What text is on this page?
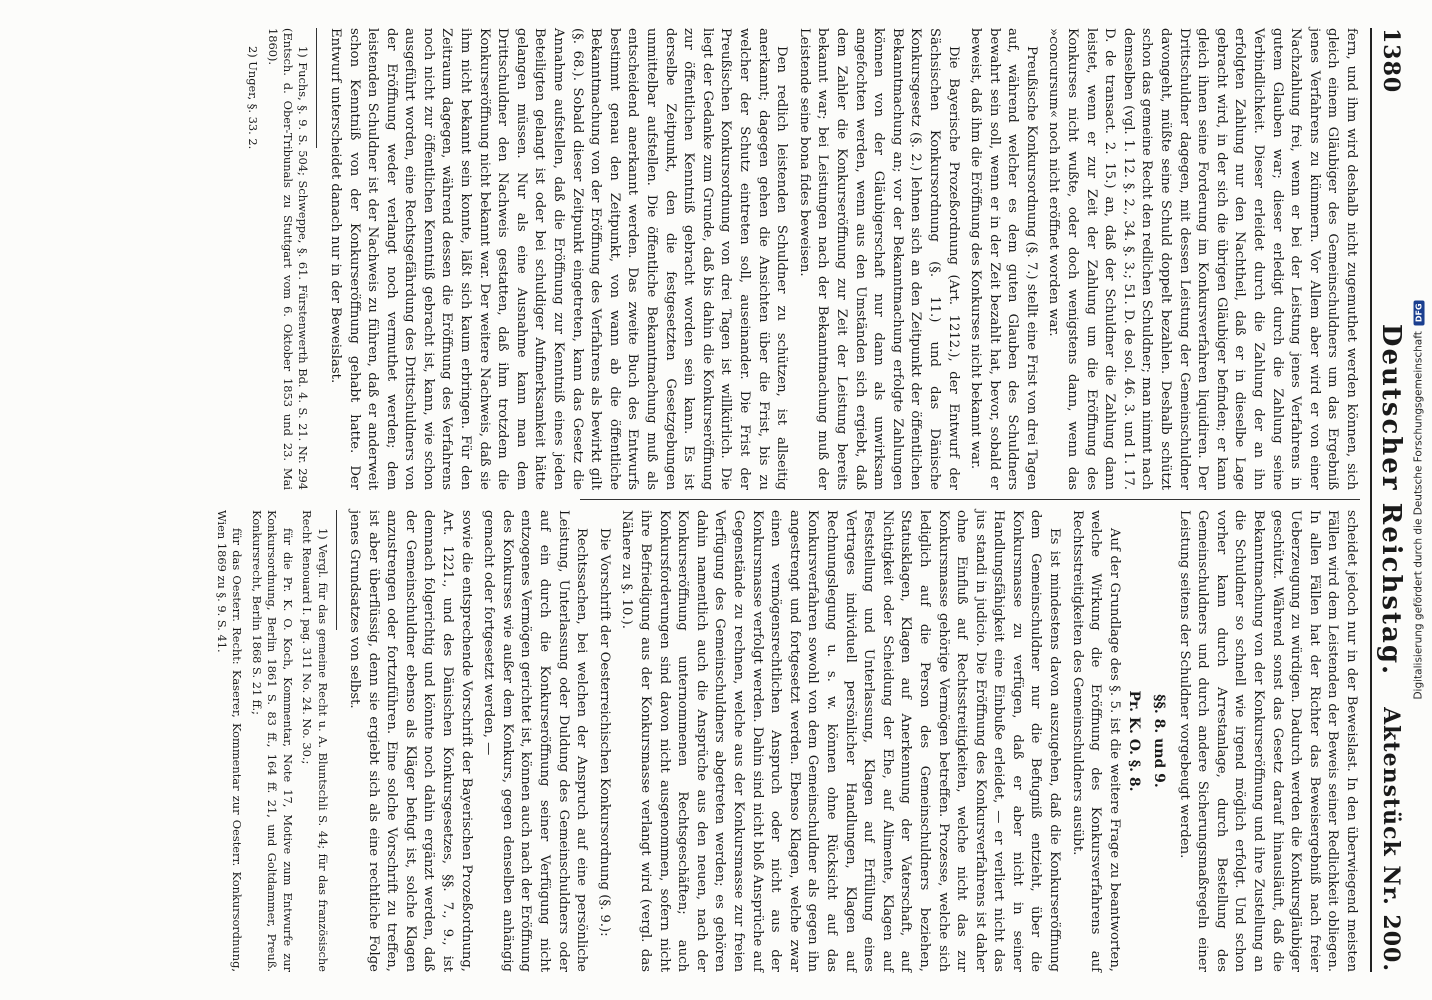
1380
Deutscher Reichstag.
Aktenstück Nr. 200.

fern, und ihm wird deshalb nicht zugemuthet werden können, sich gleich einem Gläubiger des Gemeinschuldners um das Ergebniß jenes Verfahrens zu kümmern. Vor Allem aber wird er von einer Nachzahlung frei, wenn er bei der Leistung jenes Verfahrens in gutem Glauben war; dieser erledigt durch die Zahlung seine Verbindlichkeit. Dieser erleidet durch die Zahlung der an ihn erfolgten Zahlung nur den Nachtheil, daß er in dieselbe Lage gebracht wird, in der sich die übrigen Gläubiger befinden; er kann gleich ihnen seine Forderung im Konkursverfahren liquidiren. Der Drittschuldner dagegen, mit dessen Leistung der Gemeinschuldner davongeht, müßte seine Schuld doppelt bezahlen. Deshalb schützt schon das gemeine Recht den redlichen Schuldner; man nimmt nach demselben (vgl. 1. 12. §. 2., 34. §. 3.; 51. D. de sol. 46. 3. und 1. 17. D. de transact. 2. 15.) an, daß der Schuldner die Zahlung dann leistet, wenn er zur Zeit der Zahlung um die Eröffnung des Konkurses nicht wußte, oder doch wenigstens dann, wenn das »concursum« noch nicht eröffnet worden war.

Preußische Konkursordnung (§. 7.) stellt eine Frist von drei Tagen auf, während welcher es dem guten Glauben des Schuldners bewahrt sein soll, wenn er in der Zeit bezahlt hat, bevor, sobald er beweist, daß ihm die Eröffnung des Konkurses nicht bekannt war.

Die Bayerische Prozeßordnung (Art. 1212.), der Entwurf der Sächsischen Konkursordnung (§. 11.) und das Dänische Konkursgesetz (§. 2.) lehnen sich an den Zeitpunkt der öffentlichen Bekanntmachung an; vor der Bekanntmachung erfolgte Zahlungen können von der Gläubigerschaft nur dann als unwirksam angefochten werden, wenn aus den Umständen sich ergiebt, daß dem Zahler die Konkurseröffnung zur Zeit der Leistung bereits bekannt war; bei Leistungen nach der Bekanntmachung muß der Leistende seine bona fides beweisen.

Den redlich leistenden Schuldner zu schützen, ist allseitig anerkannt; dagegen gehen die Ansichten über die Frist, bis zu welcher der Schutz eintreten soll, auseinander. Die Frist der Preußischen Konkursordnung von drei Tagen ist willkürlich. Die liegt der Gedanke zum Grunde, daß bis dahin die Konkurseröffnung zur öffentlichen Kenntniß gebracht worden sein kann. Es ist derselbe Zeitpunkt, den die festgesetzten Gesetzgebungen unmittelbar aufstellen. Die öffentliche Bekanntmachung muß als entscheidend anerkannt werden. Das zweite Buch des Entwurfs bestimmt genau den Zeitpunkt, von wann ab die öffentliche Bekanntmachung von der Eröffnung des Verfahrens als bewirkt gilt (§. 68.). Sobald dieser Zeitpunkt eingetreten, kann das Gesetz die Annahme aufstellen, daß die Eröffnung zur Kenntniß eines jeden Beteiligten gelangt ist oder bei schuldiger Aufmerksamkeit hätte gelangen müssen. Nur als eine Ausnahme kann man dem Drittschuldner den Nachweis gestatten, daß ihm trotzdem die Konkurseröffnung nicht bekannt war. Der weitere Nachweis, daß sie ihm nicht bekannt sein konnte, läßt sich kaum erbringen. Für den Zeitraum dagegen, während dessen die Eröffnung des Verfahrens noch nicht zur öffentlichen Kenntniß gebracht ist, kann, wie schon ausgeführt worden, eine Rechtsgefährdung des Drittschuldners von der Eröffnung weder verlangt noch vermuthet werden; dem leistenden Schuldner ist der Nachweis zu führen, daß er anderweit schon Kenntniß von der Konkurseröffnung gehabt hatte. Der Entwurf unterscheidet danach nur in der Beweislast.

1) Fuchs, §. 9. S. 504; Schweppe, §. 61. Fürstenwerth Bd. 4. S. 21. Nr. 294 (Entsch. d. Ober-Tribunals zu Stuttgart vom 6. Oktober 1853 und 23. Mai 1860).

2) Unger, §. 33. 2.

scheidet jedoch nur in der Beweislast. In den überwiegend meisten Fällen wird dem Leistenden der Beweis seiner Redlichkeit obliegen. In allen Fällen hat der Richter das Beweisergebniß nach freier Ueberzeugung zu würdigen. Dadurch werden die Konkursgläubiger geschützt. Während sonst das Gesetz darauf hinausläuft, daß die Bekanntmachung von der Konkurseröffnung und ihre Zustellung an die Schuldner so schnell wie irgend möglich erfolgt. Und schon vorher kann durch Arrestanlage, durch Bestellung des Gemeinschuldners und durch andere Sicherungsmaßregeln einer Leistung seitens der Schuldner vorgebeugt werden.

§§. 8. und 9.
Pr. K. O. §. 8.

Auf der Grundlage des §. 5. ist die weitere Frage zu beantworten, welche Wirkung die Eröffnung des Konkursverfahrens auf Rechtsstreitigkeiten des Gemeinschuldners ausübt.

Es ist mindestens davon auszugehen, daß die Konkurseröffnung dem Gemeinschuldner nur die Befugniß entzieht, über die Konkursmasse zu verfügen, daß er aber nicht in seiner Handlungsfähigkeit eine Einbuße erleidet, — er verliert nicht das jus standi in judicio. Die Eröffnung des Konkursverfahrens ist daher ohne Einfluß auf Rechtsstreitigkeiten, welche nicht das zur Konkursmasse gehörige Vermögen betreffen. Prozesse, welche sich lediglich auf die Person des Gemeinschuldners beziehen, Statusklagen, Klagen auf Anerkennung der Vaterschaft, auf Nichtigkeit oder Scheidung der Ehe, auf Alimente, Klagen auf Feststellung und Unterlassung, Klagen auf Erfüllung eines Vertrages individuell persönlicher Handlungen, Klagen auf Rechnungslegung u. s. w. können ohne Rücksicht auf das Konkursverfahren sowohl von dem Gemeinschuldner als gegen ihn angestrengt und fortgesetzt werden. Ebenso Klagen, welche zwar einen vermögensrechtlichen Anspruch oder nicht aus der Konkursmasse verfolgt werden. Dahin sind nicht bloß Ansprüche auf Gegenstände zu rechnen, welche aus der Konkursmasse zur freien Verfügung des Gemeinschuldners abgetreten werden; es gehören dahin namentlich auch die Ansprüche aus den neuen, nach der Konkurseröffnung unternommenen Rechtsgeschäften; auch Konkursforderungen sind davon nicht ausgenommen, sofern nicht ihre Befriedigung aus der Konkursmasse verlangt wird (vergl. das Nähere zu §. 10.).

Die Vorschrift der Oesterreichischen Konkursordnung (§. 9.):

Rechtssachen, bei welchen der Anspruch auf eine persönliche Leistung, Unterlassung oder Duldung des Gemeinschuldners oder auf ein durch die Konkurseröffnung seiner Verfügung nicht entzogenes Vermögen gerichtet ist, können auch nach der Eröffnung des Konkurses wie außer dem Konkurs, gegen denselben anhängig gemacht oder fortgesetzt werden, —

sowie die entsprechende Vorschrift der Bayerischen Prozeßordnung, Art. 1221., und des Dänischen Konkursgesetzes, §§. 7., 9., ist demnach folgerichtig und könnte noch dahin ergänzt werden, daß der Gemeinschuldner ebenso als Kläger befugt ist, solche Klagen anzustrengen oder fortzuführen. Eine solche Vorschrift zu treffen, ist aber überflüssig, denn sie ergiebt sich als eine rechtliche Folge jenes Grundsatzes von selbst.

1) Vergl. für das gemeine Recht u. A. Bluntschli S. 44; für das französische Recht Renouard I. pag. 311 No. 24. No. 30.;

für die Pr. K. O. Koch, Kommentar, Note 17, Motive zum Entwurfe zur Konkursordnung, Berlin 1861 S. 83 ff., 164 ff. 21, und Goltdammer, Preuß. Konkursrecht, Berlin 1868 S. 21 ff.;

für das Oesterr. Recht: Kaserer, Kommentar zur Oesterr. Konkursordnung, Wien 1869 zu §. 9. S. 41.	Digitalisierung gefördert durch die Deutsche Forschungsgemeinschaft
DFG
